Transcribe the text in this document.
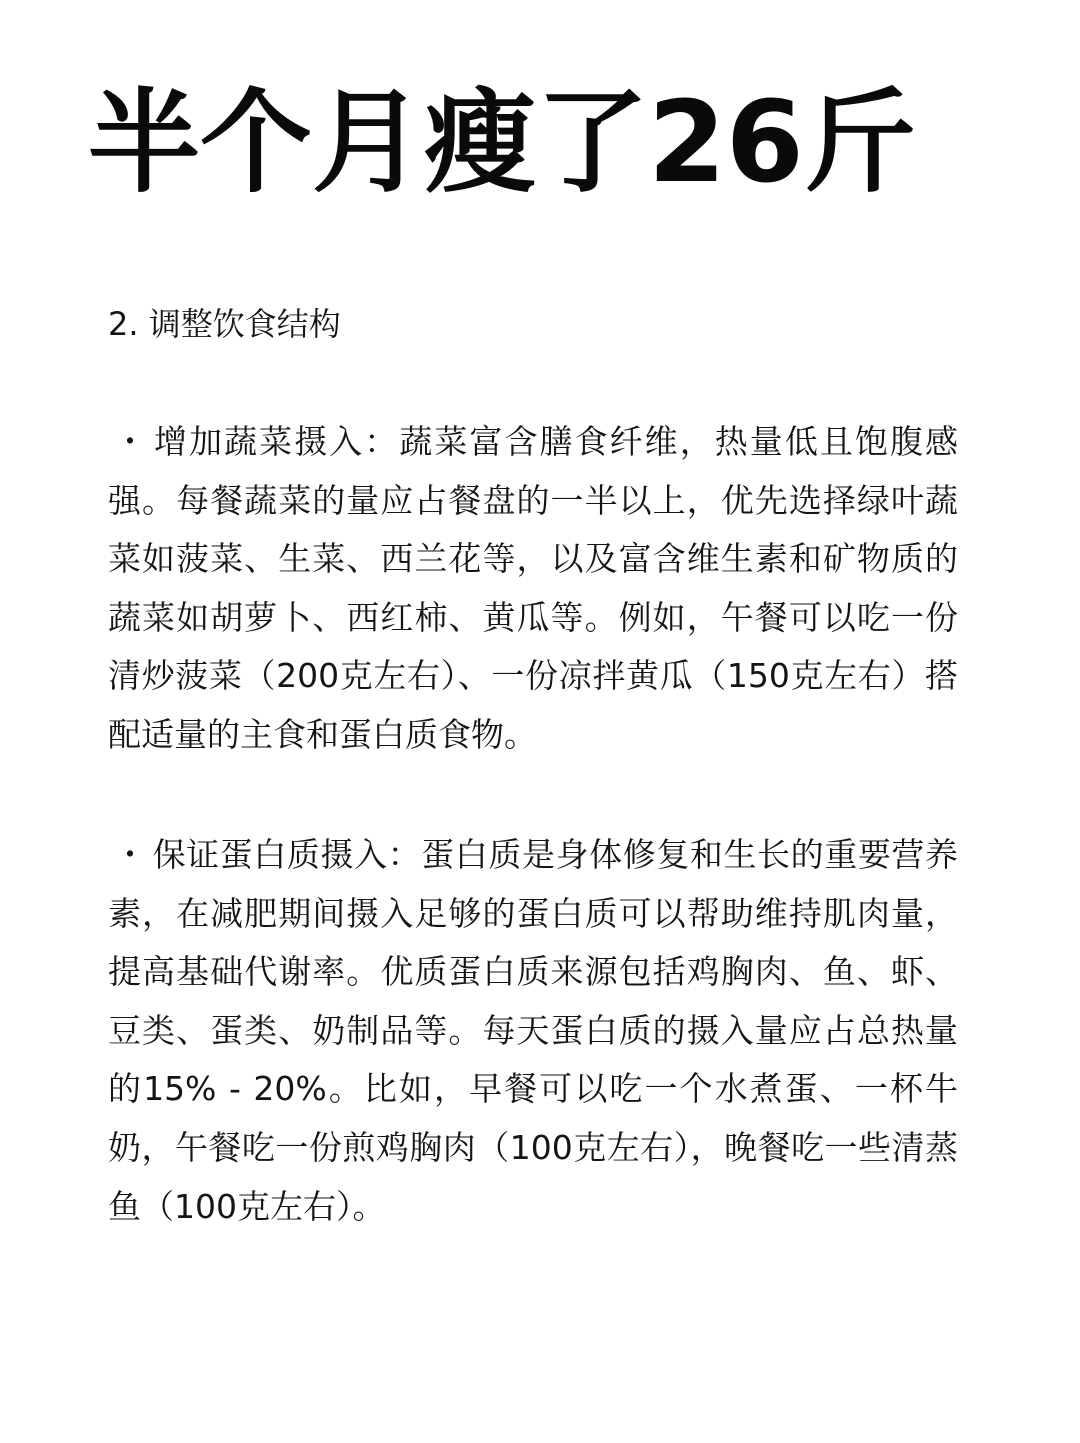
半个月瘦了26斤
2. 调整饮食结构

・ 增加蔬菜摄入：蔬菜富含膳食纤维，热量低且饱腹感强。每餐蔬菜的量应占餐盘的一半以上，优先选择绿叶蔬菜如菠菜、生菜、西兰花等，以及富含维生素和矿物质的蔬菜如胡萝卜、西红柿、黄瓜等。例如，午餐可以吃一份清炒菠菜（200克左右）、一份凉拌黄瓜（150克左右）搭配适量的主食和蛋白质食物。

・ 保证蛋白质摄入：蛋白质是身体修复和生长的重要营养素，在减肥期间摄入足够的蛋白质可以帮助维持肌肉量，提高基础代谢率。优质蛋白质来源包括鸡胸肉、鱼、虾、豆类、蛋类、奶制品等。每天蛋白质的摄入量应占总热量的15% - 20%。比如，早餐可以吃一个水煮蛋、一杯牛奶，午餐吃一份煎鸡胸肉（100克左右），晚餐吃一些清蒸鱼（100克左右）。
